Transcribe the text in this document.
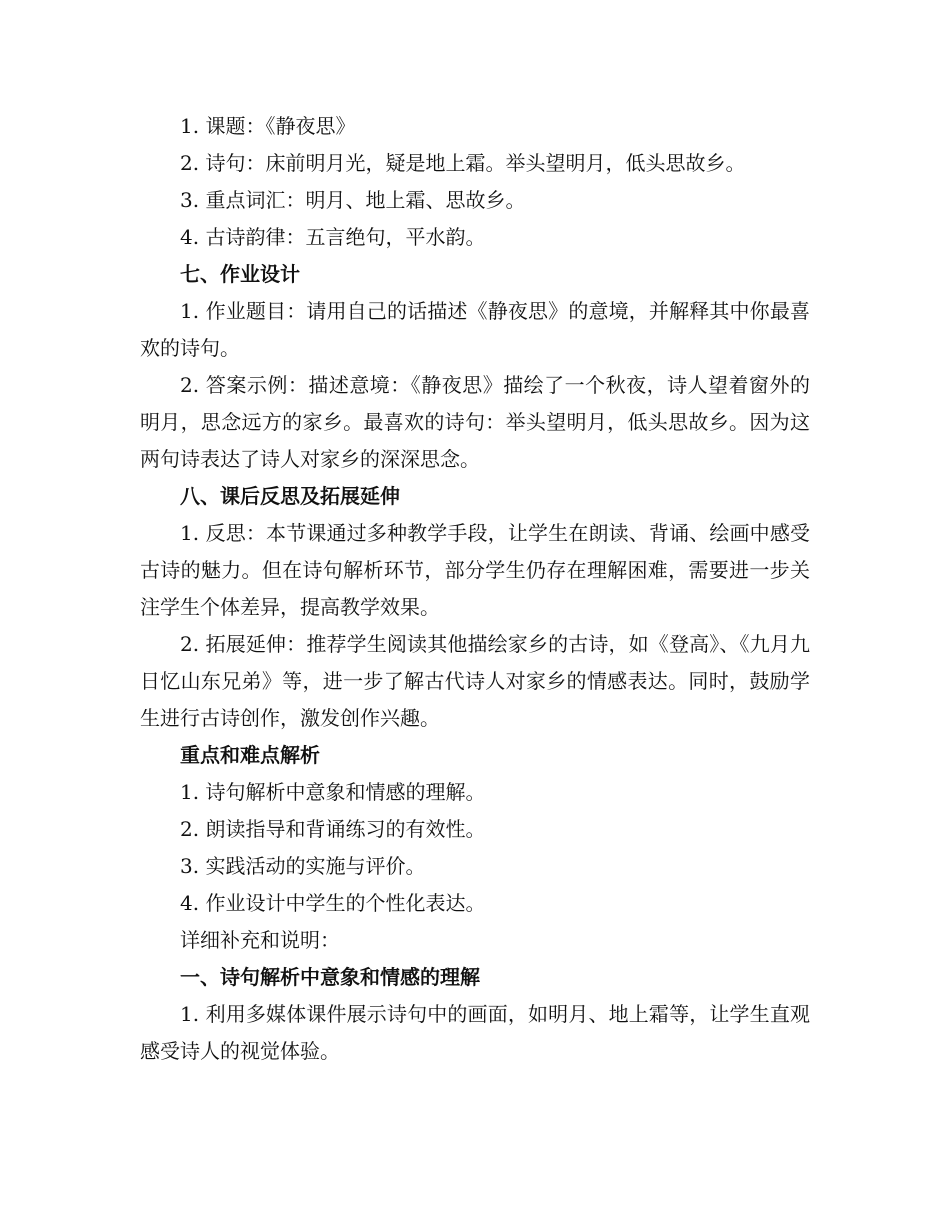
1. 课题：《静夜思》

2. 诗句：床前明月光，疑是地上霜。举头望明月，低头思故乡。

3. 重点词汇：明月、地上霜、思故乡。

4. 古诗韵律：五言绝句，平水韵。

七、作业设计

1. 作业题目：请用自己的话描述《静夜思》的意境，并解释其中你最喜欢的诗句。

2. 答案示例：描述意境：《静夜思》描绘了一个秋夜，诗人望着窗外的明月，思念远方的家乡。最喜欢的诗句：举头望明月，低头思故乡。因为这两句诗表达了诗人对家乡的深深思念。

八、课后反思及拓展延伸

1. 反思：本节课通过多种教学手段，让学生在朗读、背诵、绘画中感受古诗的魅力。但在诗句解析环节，部分学生仍存在理解困难，需要进一步关注学生个体差异，提高教学效果。

2. 拓展延伸：推荐学生阅读其他描绘家乡的古诗，如《登高》、《九月九日忆山东兄弟》等，进一步了解古代诗人对家乡的情感表达。同时，鼓励学生进行古诗创作，激发创作兴趣。

重点和难点解析

1. 诗句解析中意象和情感的理解。

2. 朗读指导和背诵练习的有效性。

3. 实践活动的实施与评价。

4. 作业设计中学生的个性化表达。

详细补充和说明：

一、诗句解析中意象和情感的理解

1. 利用多媒体课件展示诗句中的画面，如明月、地上霜等，让学生直观感受诗人的视觉体验。
